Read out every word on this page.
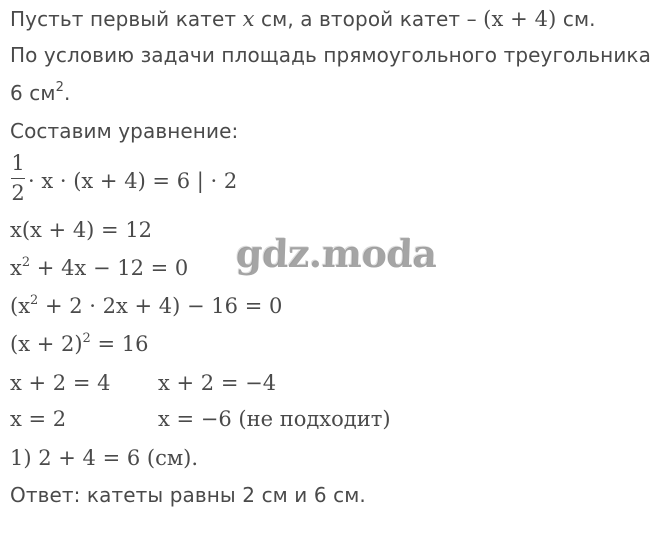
Пустьт первый катет x см, а второй катет – (x + 4) см.
По условию задачи площадь прямоугольного треугольника
6 $см^2$.
Составим уравнение:
1
2 · x · (x + 4) = 6 | · 2
x(x + 4) = 12
$x^2 + 4x - 12 = 0$
$(x^2 + 2 \cdot 2x + 4) - 16 = 0$
$(x + 2)^2 = 16$
x + 2 = 4 x + 2 = −4
x = 2	x = −6 (не подходит)
1) 2 + 4 = 6 (см).
Ответ: катеты равны 2 см и 6 см.
gdz.moda
